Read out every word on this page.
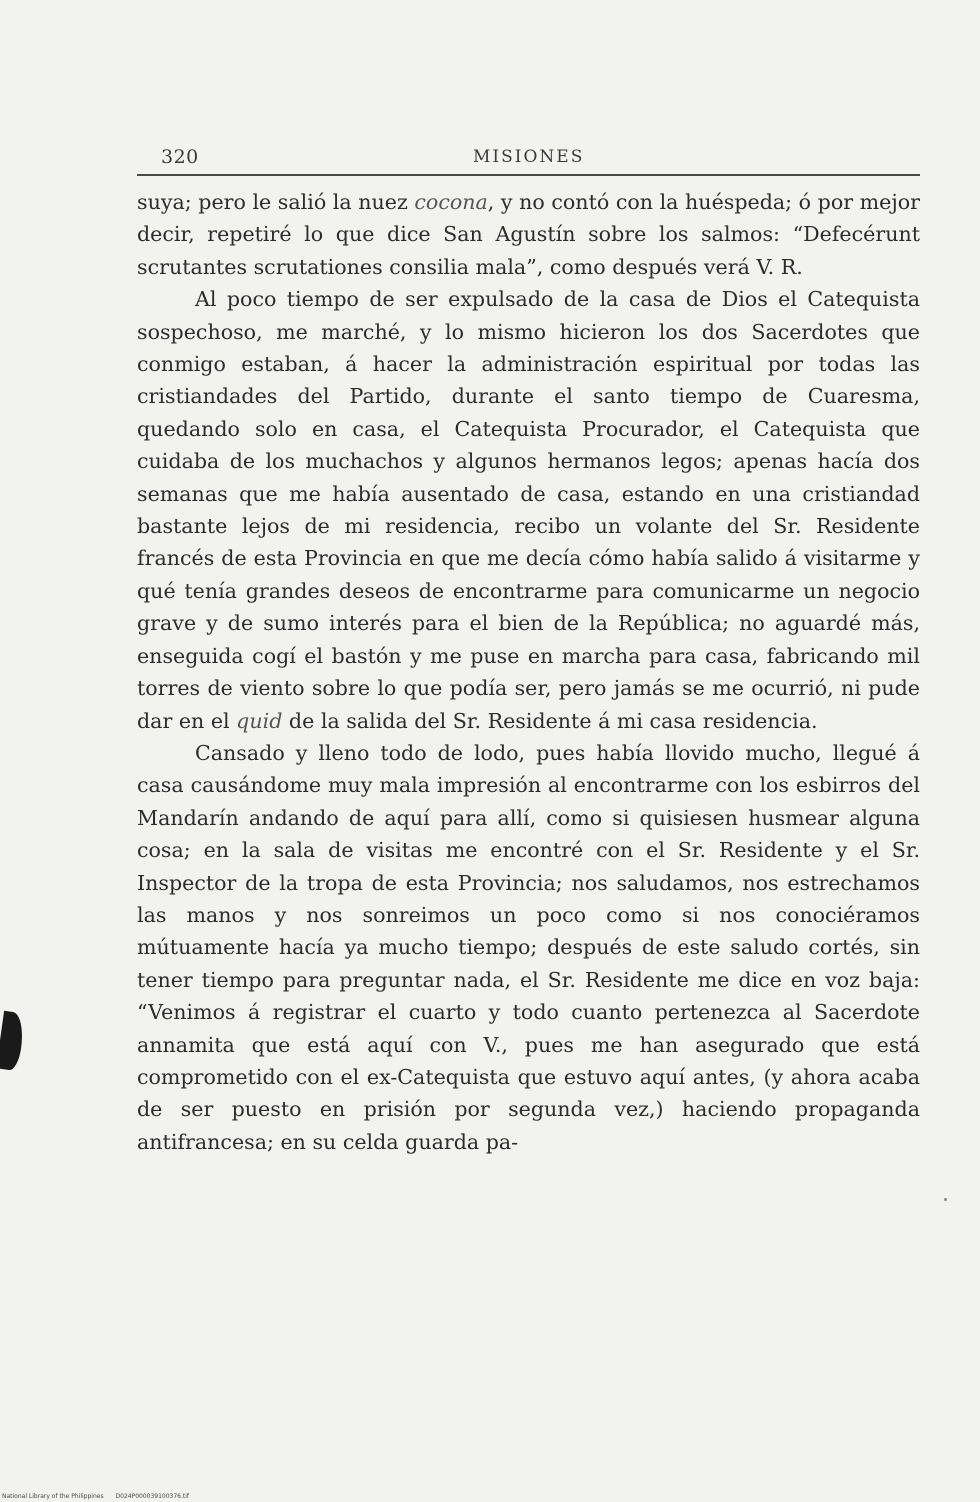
320	MISIONES

suya; pero le salió la nuez cocona, y no contó con la huéspeda; ó por mejor decir, repetiré lo que dice San Agustín sobre los salmos: “Defecérunt scrutantes scrutationes consilia mala”, como después verá V. R.

Al poco tiempo de ser expulsado de la casa de Dios el Catequista sospechoso, me marché, y lo mismo hicieron los dos Sacerdotes que conmigo estaban, á hacer la administración espiritual por todas las cristiandades del Partido, durante el santo tiempo de Cuaresma, quedando solo en casa, el Catequista Procurador, el Catequista que cuidaba de los muchachos y algunos hermanos legos; apenas hacía dos semanas que me había ausentado de casa, estando en una cristiandad bastante lejos de mi residencia, recibo un volante del Sr. Residente francés de esta Provincia en que me decía cómo había salido á visitarme y qué tenía grandes deseos de encontrarme para comunicarme un negocio grave y de sumo interés para el bien de la República; no aguardé más, enseguida cogí el bastón y me puse en marcha para casa, fabricando mil torres de viento sobre lo que podía ser, pero jamás se me ocurrió, ni pude dar en el quid de la salida del Sr. Residente á mi casa residencia.

Cansado y lleno todo de lodo, pues había llovido mucho, llegué á casa causándome muy mala impresión al encontrarme con los esbirros del Mandarín andando de aquí para allí, como si quisiesen husmear alguna cosa; en la sala de visitas me encontré con el Sr. Residente y el Sr. Inspector de la tropa de esta Provincia; nos saludamos, nos estrechamos las manos y nos sonreimos un poco como si nos conociéramos mútuamente hacía ya mucho tiempo; después de este saludo cortés, sin tener tiempo para preguntar nada, el Sr. Residente me dice en voz baja: “Venimos á registrar el cuarto y todo cuanto pertenezca al Sacerdote annamita que está aquí con V., pues me han asegurado que está comprometido con el ex-Catequista que estuvo aquí antes, (y ahora acaba de ser puesto en prisión por segunda vez,) haciendo propaganda antifrancesa; en su celda guarda pa-

National Library of the Philippines D024P000039100376.tif
